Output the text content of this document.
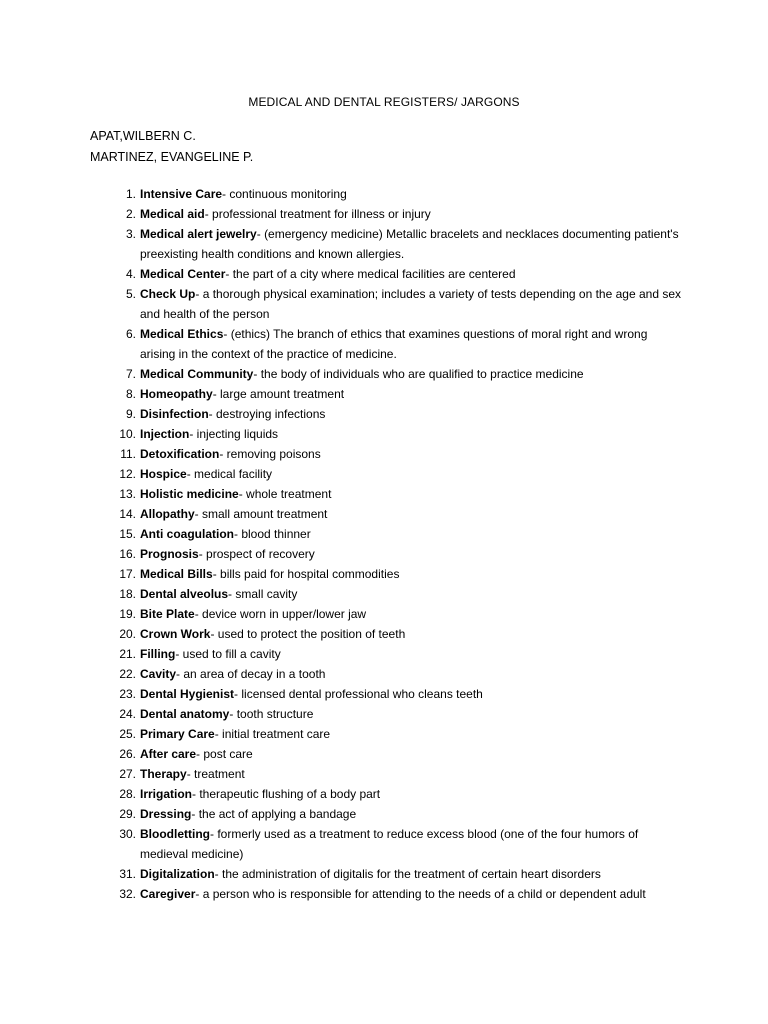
MEDICAL AND DENTAL REGISTERS/ JARGONS
APAT,WILBERN C.
MARTINEZ, EVANGELINE P.
1. Intensive Care- continuous monitoring
2. Medical aid- professional treatment for illness or injury
3. Medical alert jewelry- (emergency medicine) Metallic bracelets and necklaces documenting patient's preexisting health conditions and known allergies.
4. Medical Center- the part of a city where medical facilities are centered
5. Check Up- a thorough physical examination; includes a variety of tests depending on the age and sex and health of the person
6. Medical Ethics- (ethics) The branch of ethics that examines questions of moral right and wrong arising in the context of the practice of medicine.
7. Medical Community- the body of individuals who are qualified to practice medicine
8. Homeopathy- large amount treatment
9. Disinfection- destroying infections
10. Injection- injecting liquids
11. Detoxification- removing poisons
12. Hospice- medical facility
13. Holistic medicine- whole treatment
14. Allopathy- small amount treatment
15. Anti coagulation- blood thinner
16. Prognosis- prospect of recovery
17. Medical Bills- bills paid for hospital commodities
18. Dental alveolus- small cavity
19. Bite Plate- device worn in upper/lower jaw
20. Crown Work- used to protect the position of teeth
21. Filling- used to fill a cavity
22. Cavity- an area of decay in a tooth
23. Dental Hygienist- licensed dental professional who cleans teeth
24. Dental anatomy- tooth structure
25. Primary Care- initial treatment care
26. After care- post care
27. Therapy- treatment
28. Irrigation- therapeutic flushing of a body part
29. Dressing- the act of applying a bandage
30. Bloodletting- formerly used as a treatment to reduce excess blood (one of the four humors of medieval medicine)
31. Digitalization- the administration of digitalis for the treatment of certain heart disorders
32. Caregiver- a person who is responsible for attending to the needs of a child or dependent adult
